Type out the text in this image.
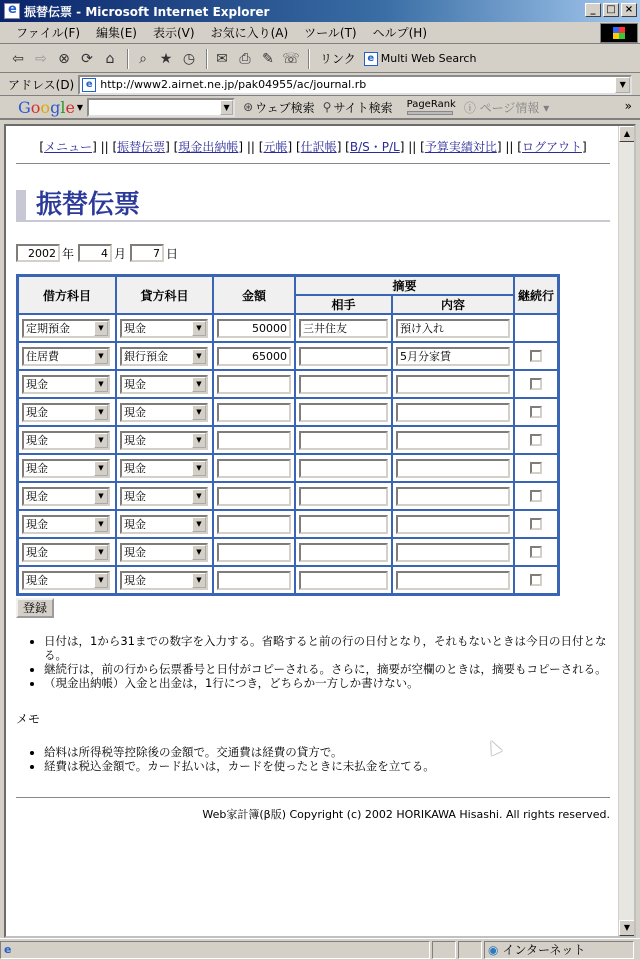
e
振替伝票 - Microsoft Internet Explorer	_	□ ×
ファイル(F)	編集(E)	表示(V)	お気に入り(A)	ツール(T)	ヘルプ(H)
⇦ ⇨ ⊗ ⟳ ⌂	⌕ ★ ◷ ✉ ⎙ ✎ ☏ リンク	e Multi Web Search
アドレス(D)	e http://www2.airnet.ne.jp/pak04955/ac/journal.rb	▼
Google ▼	▼ ⊛ ウェブ検索 ⚲ サイト検索 PageRank ⓘ ページ情報 ▾	»
[メニュー] || [振替伝票] [現金出納帳] || [元帳] [仕訳帳] [B/S・P/L] || [予算実績対比] || [ログアウト]
振替伝票
2002
年
4	月
7	日
借方科目	貸方科目	金額	摘要		継続行
			相手	内容	

定期預金 ▼	現金 ▼	50000	三井住友	預け入れ	

住居費 ▼	銀行預金 ▼	65000		5月分家賃	

現金 ▼	現金 ▼				

現金 ▼	現金 ▼				

現金 ▼	現金 ▼				

現金 ▼	現金 ▼				

現金 ▼	現金 ▼				

現金 ▼	現金 ▼				

現金 ▼	現金 ▼				

現金 ▼	現金 ▼				

登録
• 日付は，1から31までの数字を入力する。省略すると前の行の日付となり，それもないときは今日の日付となる。
• 継続行は，前の行から伝票番号と日付がコピーされる。さらに，摘要が空欄のときは，摘要もコピーされる。
• （現金出納帳）入金と出金は，1行につき，どちらか一方しか書けない。
メモ
• 給料は所得税等控除後の金額で。交通費は経費の貸方で。
• 経費は税込金額で。カード払いは，カードを使ったときに未払金を立てる。
Web家計簿(β版) Copyright (c) 2002 HORIKAWA Hisashi. All rights reserved.
▲
▼
e	◉ インターネット
